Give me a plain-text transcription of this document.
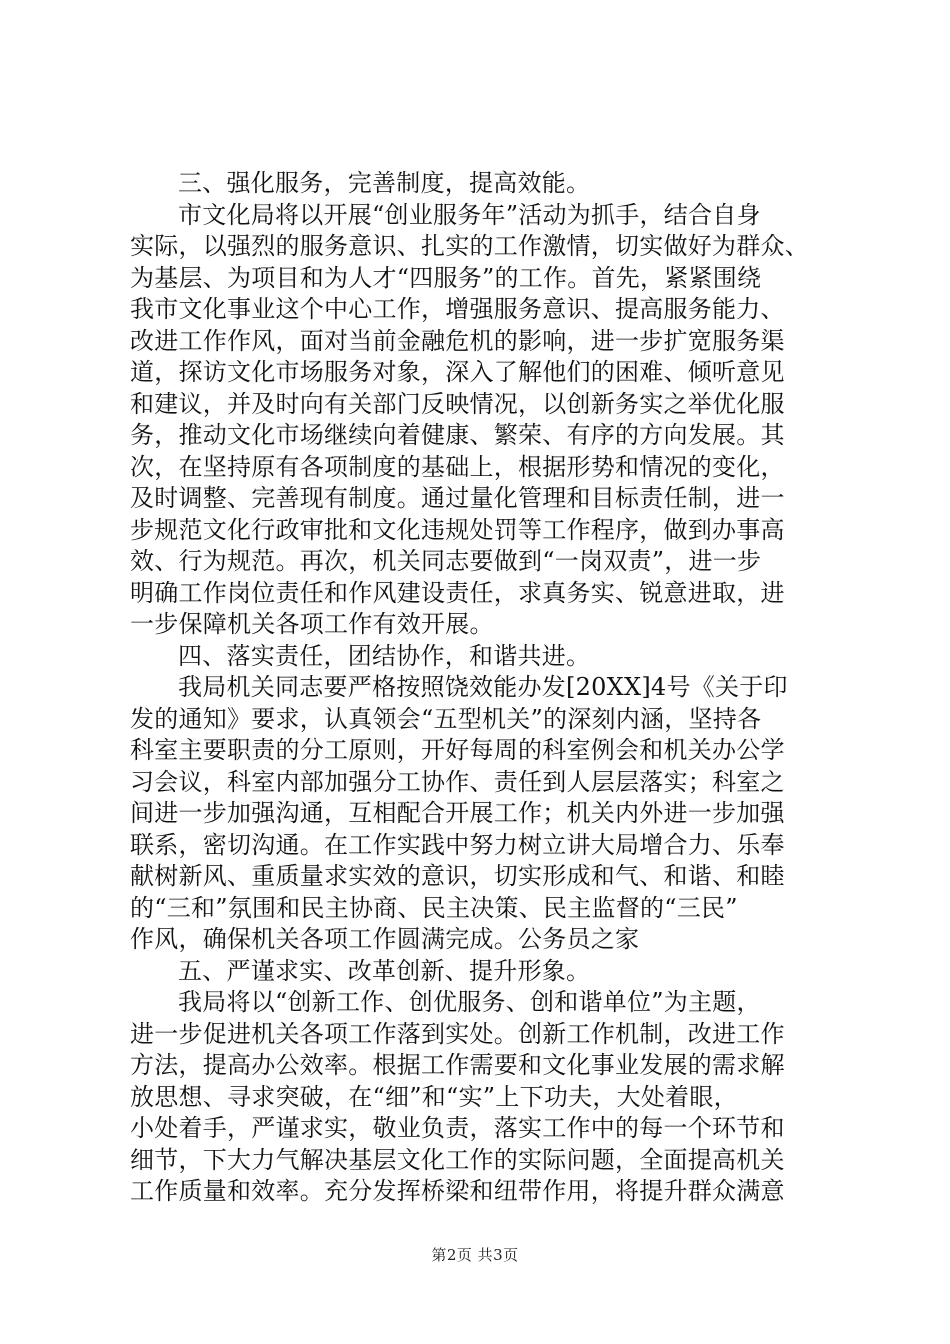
三、强化服务，完善制度，提高效能。
市文化局将以开展“创业服务年”活动为抓手，结合自身
实际，以强烈的服务意识、扎实的工作激情，切实做好为群众、
为基层、为项目和为人才“四服务”的工作。首先，紧紧围绕
我市文化事业这个中心工作，增强服务意识、提高服务能力、
改进工作作风，面对当前金融危机的影响，进一步扩宽服务渠
道，探访文化市场服务对象，深入了解他们的困难、倾听意见
和建议，并及时向有关部门反映情况，以创新务实之举优化服
务，推动文化市场继续向着健康、繁荣、有序的方向发展。其
次，在坚持原有各项制度的基础上，根据形势和情况的变化，
及时调整、完善现有制度。通过量化管理和目标责任制，进一
步规范文化行政审批和文化违规处罚等工作程序，做到办事高
效、行为规范。再次，机关同志要做到“一岗双责”，进一步
明确工作岗位责任和作风建设责任，求真务实、锐意进取，进
一步保障机关各项工作有效开展。
四、落实责任，团结协作，和谐共进。
我局机关同志要严格按照饶效能办发[20XX]4号《关于印
发的通知》要求，认真领会“五型机关”的深刻内涵，坚持各
科室主要职责的分工原则，开好每周的科室例会和机关办公学
习会议，科室内部加强分工协作、责任到人层层落实；科室之
间进一步加强沟通，互相配合开展工作；机关内外进一步加强
联系，密切沟通。在工作实践中努力树立讲大局增合力、乐奉
献树新风、重质量求实效的意识，切实形成和气、和谐、和睦
的“三和”氛围和民主协商、民主决策、民主监督的“三民”
作风，确保机关各项工作圆满完成。公务员之家
五、严谨求实、改革创新、提升形象。
我局将以“创新工作、创优服务、创和谐单位”为主题，
进一步促进机关各项工作落到实处。创新工作机制，改进工作
方法，提高办公效率。根据工作需要和文化事业发展的需求解
放思想、寻求突破，在“细”和“实”上下功夫，大处着眼，
小处着手，严谨求实，敬业负责，落实工作中的每一个环节和
细节，下大力气解决基层文化工作的实际问题，全面提高机关
工作质量和效率。充分发挥桥梁和纽带作用，将提升群众满意
第2页 共3页
